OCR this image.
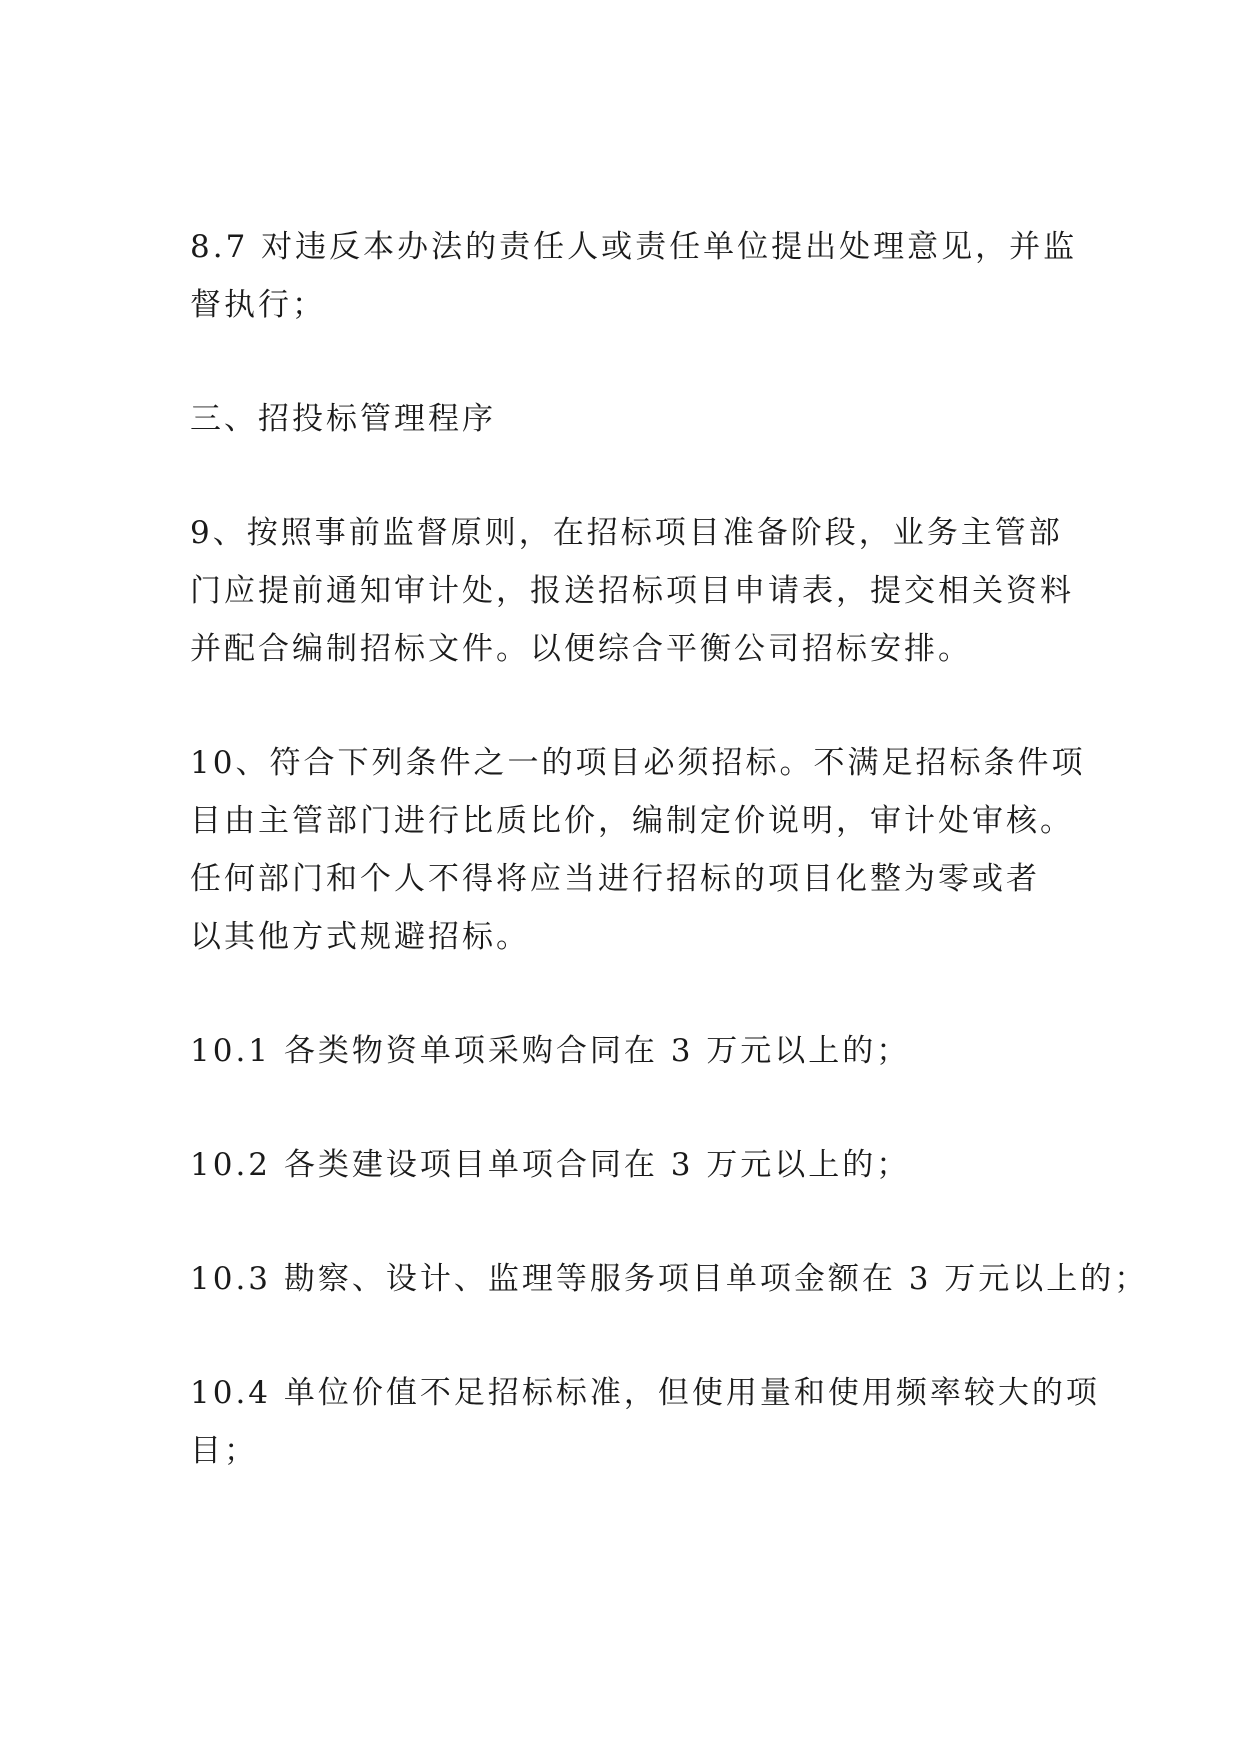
8.7 对违反本办法的责任人或责任单位提出处理意见，并监
督执行；

三、招投标管理程序

9、按照事前监督原则，在招标项目准备阶段，业务主管部
门应提前通知审计处，报送招标项目申请表，提交相关资料
并配合编制招标文件。以便综合平衡公司招标安排。

10、符合下列条件之一的项目必须招标。不满足招标条件项
目由主管部门进行比质比价，编制定价说明，审计处审核。
任何部门和个人不得将应当进行招标的项目化整为零或者
以其他方式规避招标。

10.1 各类物资单项采购合同在 3 万元以上的；

10.2 各类建设项目单项合同在 3 万元以上的；

10.3 勘察、设计、监理等服务项目单项金额在 3 万元以上的；

10.4 单位价值不足招标标准，但使用量和使用频率较大的项
目；
